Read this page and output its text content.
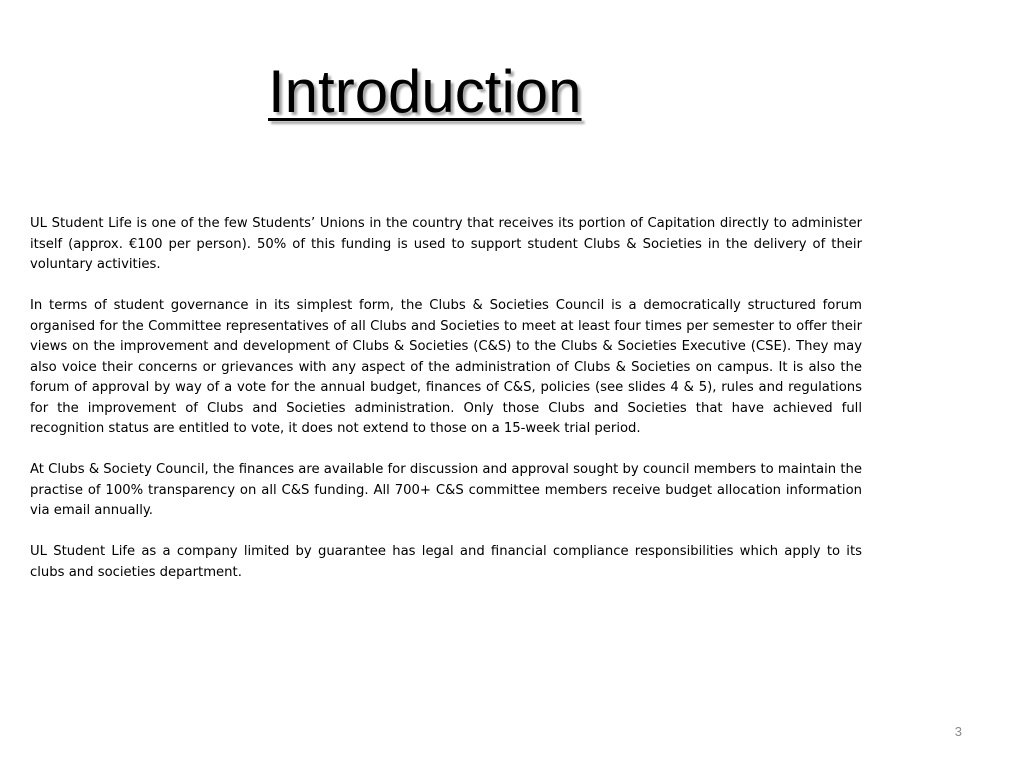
Introduction

UL Student Life is one of the few Students’ Unions in the country that receives its portion of Capitation directly to administer itself (approx. €100 per person). 50% of this funding is used to support student Clubs & Societies in the delivery of their voluntary activities.

In terms of student governance in its simplest form, the Clubs & Societies Council is a democratically structured forum organised for the Committee representatives of all Clubs and Societies to meet at least four times per semester to offer their views on the improvement and development of Clubs & Societies (C&S) to the Clubs & Societies Executive (CSE). They may also voice their concerns or grievances with any aspect of the administration of Clubs & Societies on campus. It is also the forum of approval by way of a vote for the annual budget, finances of C&S, policies (see slides 4 & 5), rules and regulations for the improvement of Clubs and Societies administration. Only those Clubs and Societies that have achieved full recognition status are entitled to vote, it does not extend to those on a 15-week trial period.

At Clubs & Society Council, the finances are available for discussion and approval sought by council members to maintain the practise of 100% transparency on all C&S funding. All 700+ C&S committee members receive budget allocation information via email annually.

UL Student Life as a company limited by guarantee has legal and financial compliance responsibilities which apply to its clubs and societies department.

3
